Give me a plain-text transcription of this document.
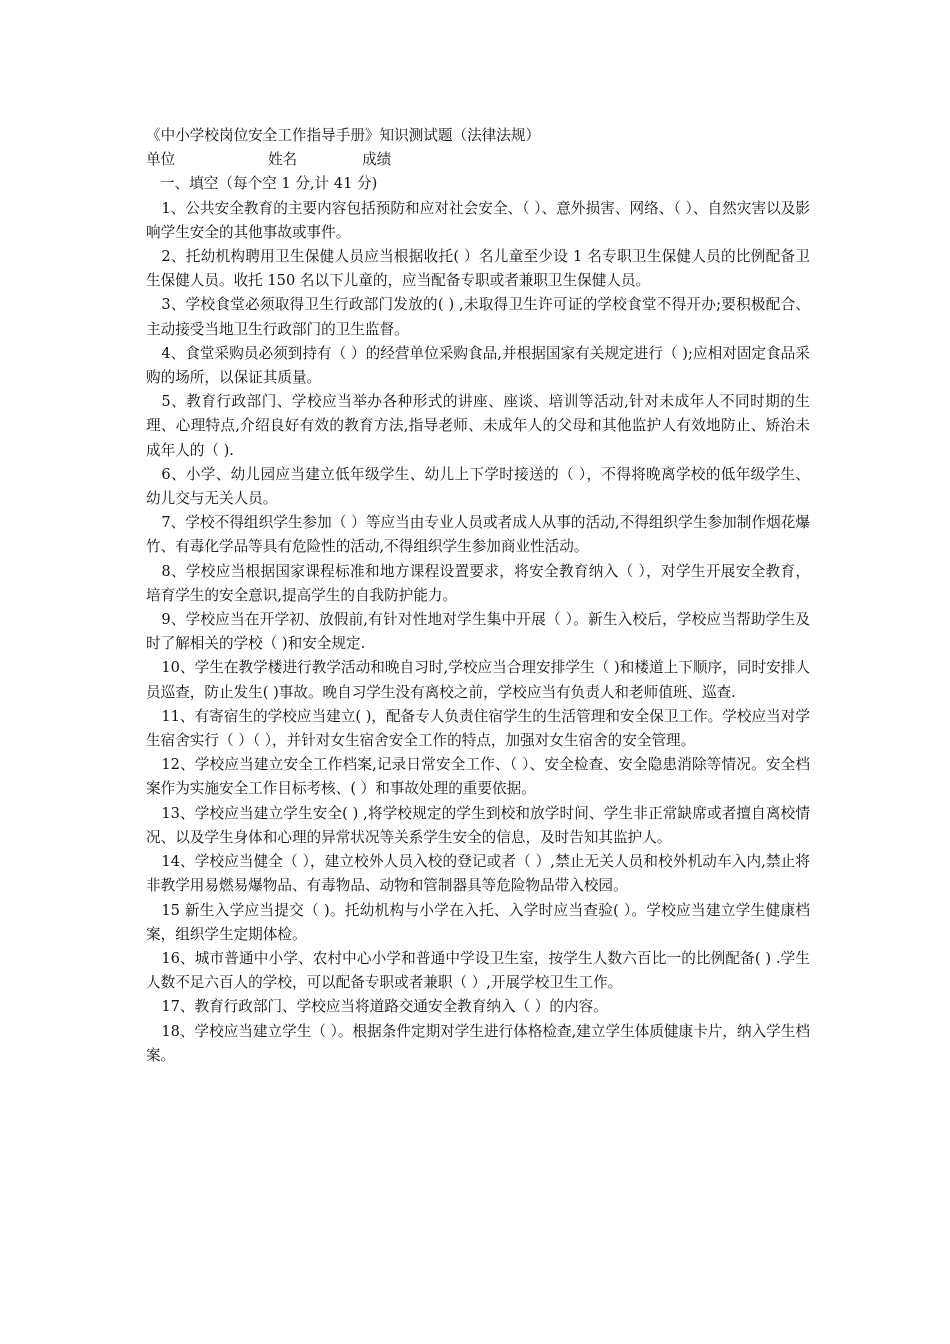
《中小学校岗位安全工作指导手册》知识测试题（法律法规）

单位                    姓名              成绩

一、填空（每个空 1 分,计 41 分)

1、公共安全教育的主要内容包括预防和应对社会安全、（ ）、意外损害、网络、（ ）、自然灾害以及影响学生安全的其他事故或事件。

2、托幼机构聘用卫生保健人员应当根据收托( ）名儿童至少设 1 名专职卫生保健人员的比例配备卫生保健人员。收托 150 名以下儿童的，应当配备专职或者兼职卫生保健人员。

3、学校食堂必须取得卫生行政部门发放的( ) ,未取得卫生许可证的学校食堂不得开办;要积极配合、主动接受当地卫生行政部门的卫生监督。

4、食堂采购员必须到持有（ ）的经营单位采购食品,并根据国家有关规定进行（ );应相对固定食品采购的场所，以保证其质量。

5、教育行政部门、学校应当举办各种形式的讲座、座谈、培训等活动,针对未成年人不同时期的生理、心理特点,介绍良好有效的教育方法,指导老师、未成年人的父母和其他监护人有效地防止、矫治未成年人的（ ).

6、小学、幼儿园应当建立低年级学生、幼儿上下学时接送的（ ），不得将晚离学校的低年级学生、幼儿交与无关人员。

7、学校不得组织学生参加（ ）等应当由专业人员或者成人从事的活动,不得组织学生参加制作烟花爆竹、有毒化学品等具有危险性的活动,不得组织学生参加商业性活动。

8、学校应当根据国家课程标准和地方课程设置要求，将安全教育纳入（ ），对学生开展安全教育，培育学生的安全意识,提高学生的自我防护能力。

9、学校应当在开学初、放假前,有针对性地对学生集中开展（ ）。新生入校后，学校应当帮助学生及时了解相关的学校（ )和安全规定.

10、学生在教学楼进行教学活动和晚自习时,学校应当合理安排学生（ )和楼道上下顺序，同时安排人员巡查，防止发生( )事故。晚自习学生没有离校之前，学校应当有负责人和老师值班、巡查.

11、有寄宿生的学校应当建立( )，配备专人负责住宿学生的生活管理和安全保卫工作。学校应当对学生宿舍实行（ ）（ ），并针对女生宿舍安全工作的特点，加强对女生宿舍的安全管理。

12、学校应当建立安全工作档案,记录日常安全工作、（ ）、安全检查、安全隐患消除等情况。安全档案作为实施安全工作目标考核、( ）和事故处理的重要依据。

13、学校应当建立学生安全( ) ,将学校规定的学生到校和放学时间、学生非正常缺席或者擅自离校情况、以及学生身体和心理的异常状况等关系学生安全的信息，及时告知其监护人。

14、学校应当健全（ ），建立校外人员入校的登记或者（ ）,禁止无关人员和校外机动车入内,禁止将非教学用易燃易爆物品、有毒物品、动物和管制器具等危险物品带入校园。

15 新生入学应当提交（ )。托幼机构与小学在入托、入学时应当查验( ）。学校应当建立学生健康档案，组织学生定期体检。

16、城市普通中小学、农村中心小学和普通中学设卫生室，按学生人数六百比一的比例配备( ) .学生人数不足六百人的学校，可以配备专职或者兼职（ ）,开展学校卫生工作。

17、教育行政部门、学校应当将道路交通安全教育纳入（ ）的内容。

18、学校应当建立学生（ ）。根据条件定期对学生进行体格检查,建立学生体质健康卡片，纳入学生档案。
